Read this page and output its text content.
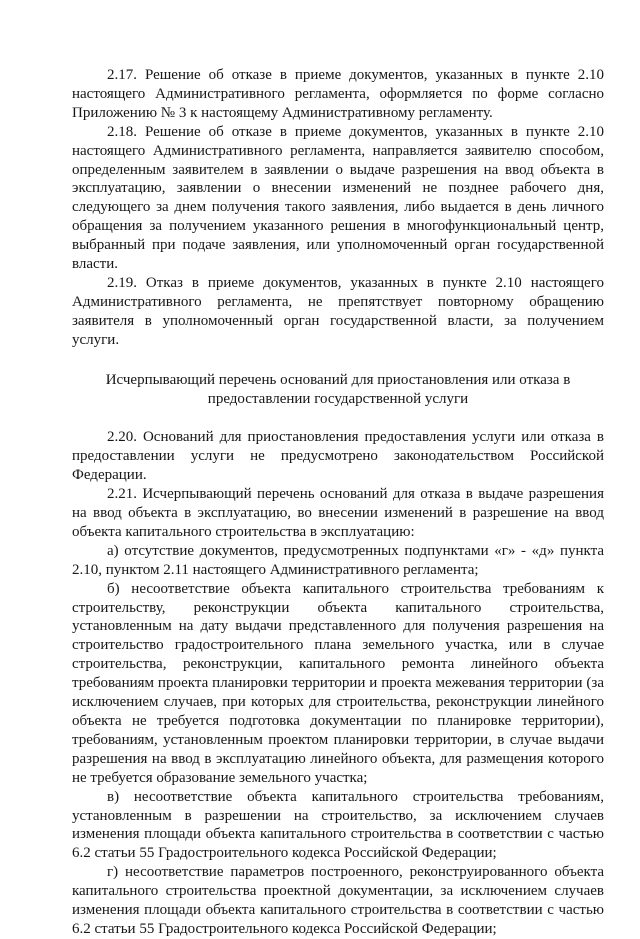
2.17. Решение об отказе в приеме документов, указанных в пункте 2.10 настоящего Административного регламента, оформляется по форме согласно Приложению № 3 к настоящему Административному регламенту.

2.18. Решение об отказе в приеме документов, указанных в пункте 2.10 настоящего Административного регламента, направляется заявителю способом, определенным заявителем в заявлении о выдаче разрешения на ввод объекта в эксплуатацию, заявлении о внесении изменений не позднее рабочего дня, следующего за днем получения такого заявления, либо выдается в день личного обращения за получением указанного решения в многофункциональный центр, выбранный при подаче заявления, или уполномоченный орган государственной власти.

2.19. Отказ в приеме документов, указанных в пункте 2.10 настоящего Административного регламента, не препятствует повторному обращению заявителя в уполномоченный орган государственной власти, за получением услуги.

Исчерпывающий перечень оснований для приостановления или отказа в
предоставлении государственной услуги

2.20. Оснований для приостановления предоставления услуги или отказа в предоставлении услуги не предусмотрено законодательством Российской Федерации.

2.21. Исчерпывающий перечень оснований для отказа в выдаче разрешения на ввод объекта в эксплуатацию, во внесении изменений в разрешение на ввод объекта капитального строительства в эксплуатацию:

а) отсутствие документов, предусмотренных подпунктами «г» - «д» пункта 2.10, пунктом 2.11 настоящего Административного регламента;

б) несоответствие объекта капитального строительства требованиям к строительству, реконструкции объекта капитального строительства, установленным на дату выдачи представленного для получения разрешения на строительство градостроительного плана земельного участка, или в случае строительства, реконструкции, капитального ремонта линейного объекта требованиям проекта планировки территории и проекта межевания территории (за исключением случаев, при которых для строительства, реконструкции линейного объекта не требуется подготовка документации по планировке территории), требованиям, установленным проектом планировки территории, в случае выдачи разрешения на ввод в эксплуатацию линейного объекта, для размещения которого не требуется образование земельного участка;

в) несоответствие объекта капитального строительства требованиям, установленным в разрешении на строительство, за исключением случаев изменения площади объекта капитального строительства в соответствии с частью 6.2 статьи 55 Градостроительного кодекса Российской Федерации;

г) несоответствие параметров построенного, реконструированного объекта капитального строительства проектной документации, за исключением случаев изменения площади объекта капитального строительства в соответствии с частью 6.2 статьи 55 Градостроительного кодекса Российской Федерации;
